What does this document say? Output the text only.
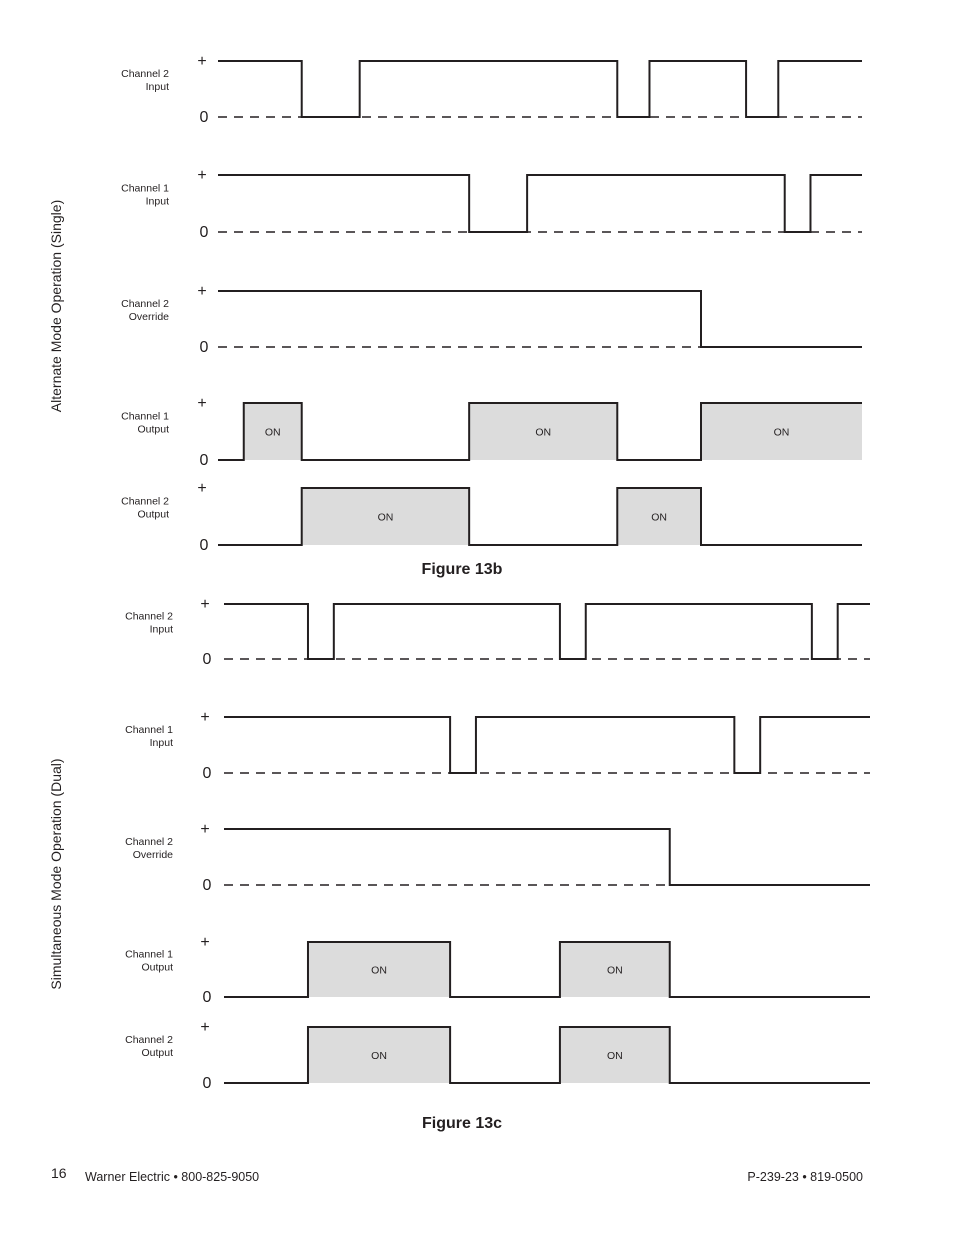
Alternate Mode Operation (Single)
Figure 13b
Channel 2
Input
+
0
Channel 1
Input
+
0
Channel 2
Override
+
0
ON	ON	ON
Channel 1
Output
+
0
ON	ON
Channel 2
Output
+
0
Simultaneous Mode Operation (Dual)
Figure 13c
Channel 2
Input
+
0
Channel 1
Input
+
0
Channel 2
Override
+
0
ON	ON
Channel 1
Output
+
0
ON	ON
Channel 2
Output
+
0
16 Warner Electric • 800-825-9050	P-239-23 • 819-0500
